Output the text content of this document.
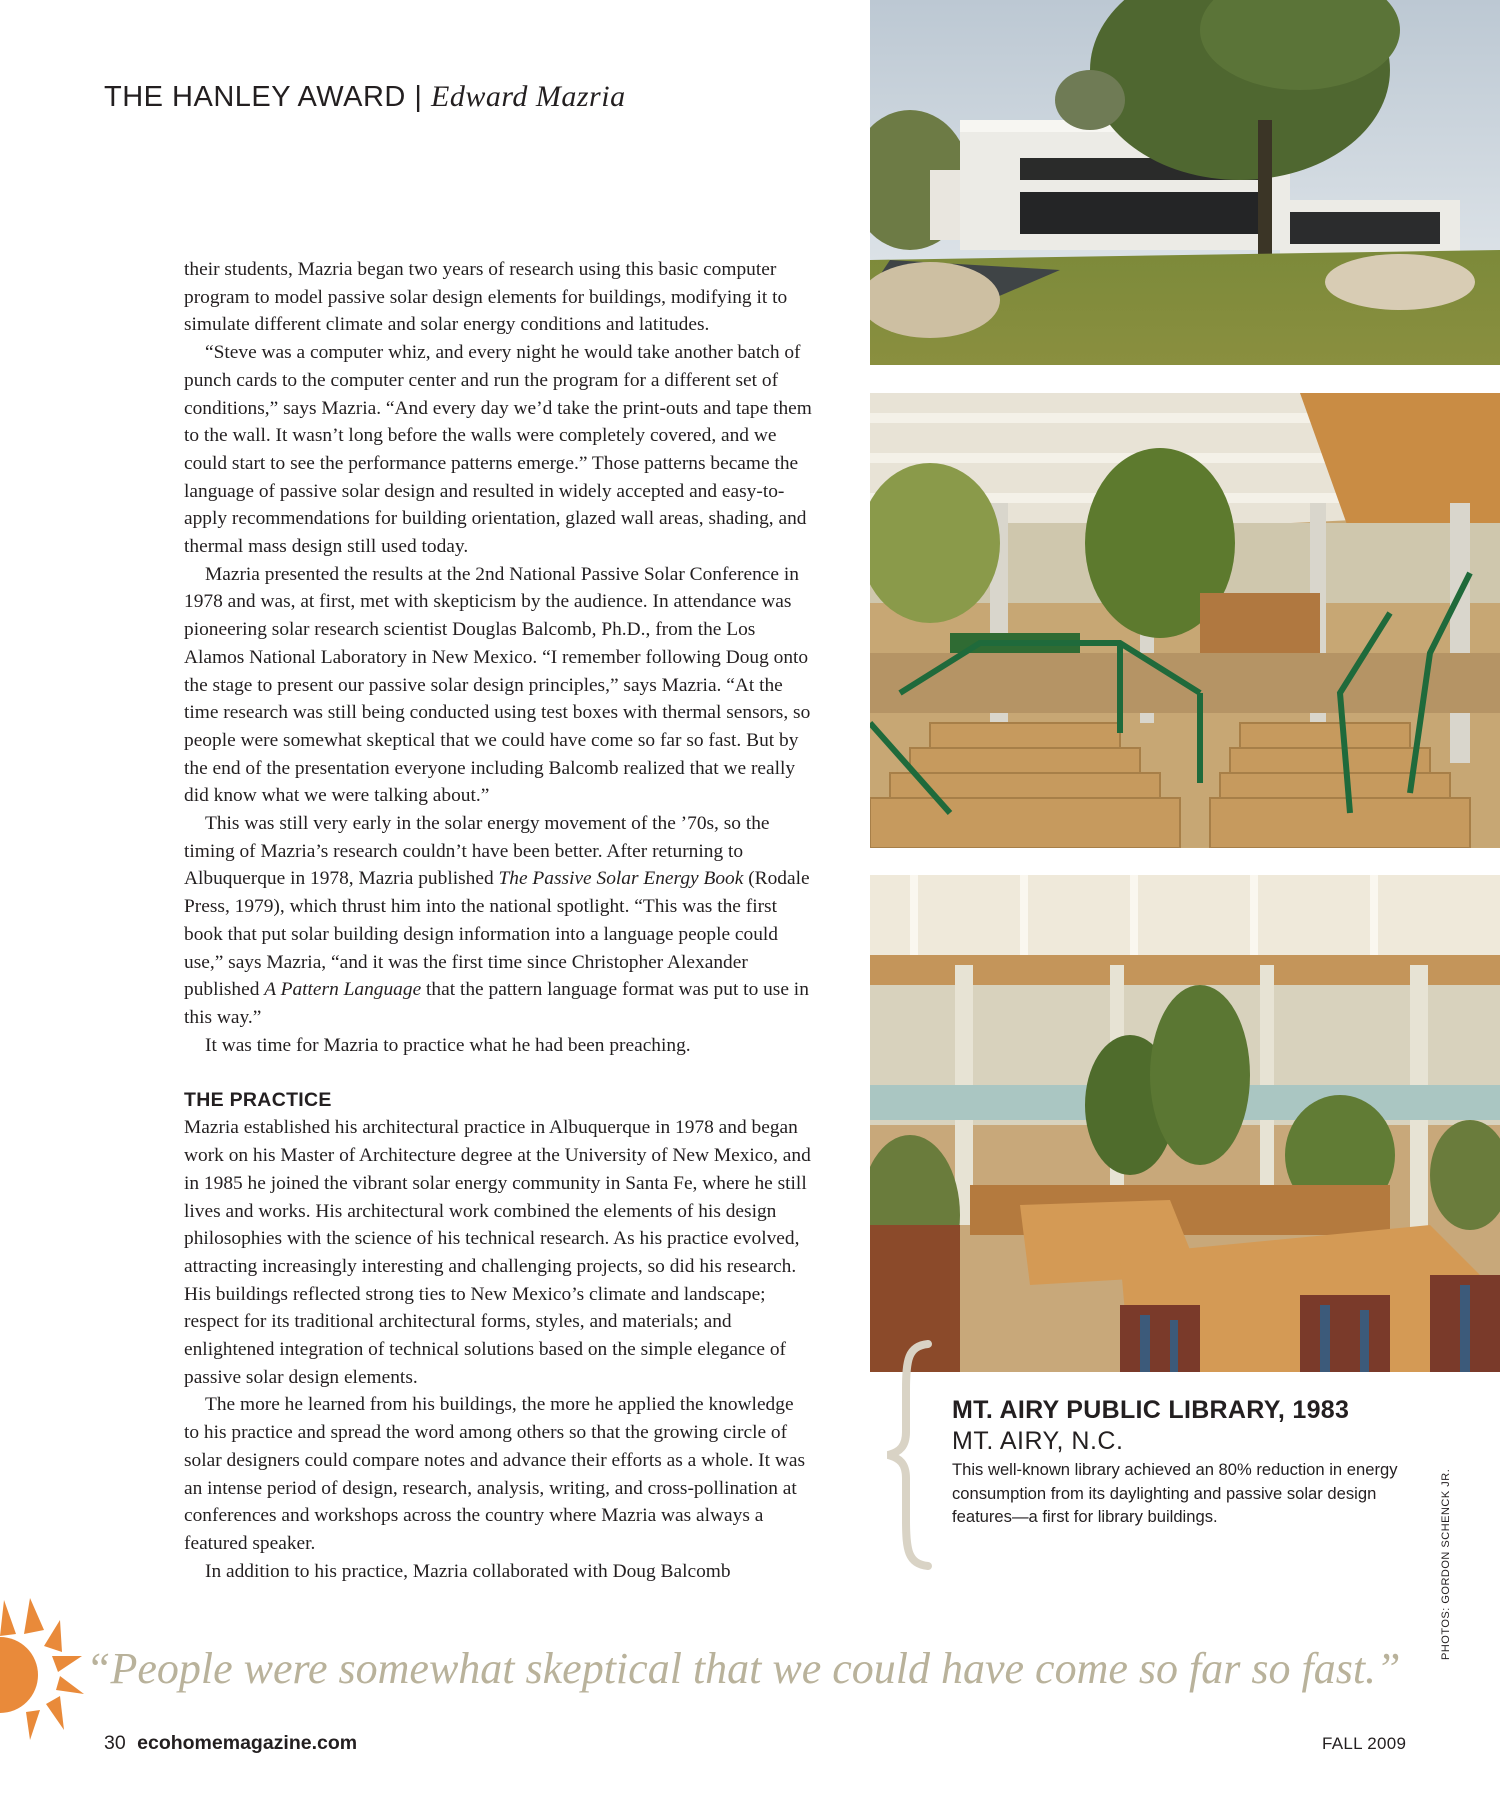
THE HANLEY AWARD | Edward Mazria

their students, Mazria began two years of research using this basic computer program to model passive solar design elements for buildings, modifying it to simulate different climate and solar energy conditions and latitudes.

“Steve was a computer whiz, and every night he would take another batch of punch cards to the computer center and run the program for a different set of conditions,” says Mazria. “And every day we’d take the print-outs and tape them to the wall. It wasn’t long before the walls were completely covered, and we could start to see the performance patterns emerge.” Those patterns became the language of passive solar design and resulted in widely accepted and easy-to-apply recommendations for building orientation, glazed wall areas, shading, and thermal mass design still used today.

Mazria presented the results at the 2nd National Passive Solar Conference in 1978 and was, at first, met with skepticism by the audience. In attendance was pioneering solar research scientist Douglas Balcomb, Ph.D., from the Los Alamos National Laboratory in New Mexico. “I remember following Doug onto the stage to present our passive solar design principles,” says Mazria. “At the time research was still being conducted using test boxes with thermal sensors, so people were somewhat skeptical that we could have come so far so fast. But by the end of the presentation everyone including Balcomb realized that we really did know what we were talking about.”

This was still very early in the solar energy movement of the ’70s, so the timing of Mazria’s research couldn’t have been better. After returning to Albuquerque in 1978, Mazria published The Passive Solar Energy Book (Rodale Press, 1979), which thrust him into the national spotlight. “This was the first book that put solar building design information into a language people could use,” says Mazria, “and it was the first time since Christopher Alexander published A Pattern Language that the pattern language format was put to use in this way.”

It was time for Mazria to practice what he had been preaching.

THE PRACTICE

Mazria established his architectural practice in Albuquerque in 1978 and began work on his Master of Architecture degree at the University of New Mexico, and in 1985 he joined the vibrant solar energy community in Santa Fe, where he still lives and works. His architectural work combined the elements of his design philosophies with the science of his technical research. As his practice evolved, attracting increasingly interesting and challenging projects, so did his research. His buildings reflected strong ties to New Mexico’s climate and landscape; respect for its traditional architectural forms, styles, and materials; and enlightened integration of technical solutions based on the simple elegance of passive solar design elements.

The more he learned from his buildings, the more he applied the knowledge to his practice and spread the word among others so that the growing circle of solar designers could compare notes and advance their efforts as a whole. It was an intense period of design, research, analysis, writing, and cross-pollination at conferences and workshops across the country where Mazria was always a featured speaker.

In addition to his practice, Mazria collaborated with Doug Balcomb

MT. AIRY PUBLIC LIBRARY, 1983
MT. AIRY, N.C.
This well-known library achieved an 80% reduction in energy consumption from its daylighting and passive solar design features—a first for library buildings.	PHOTOS: GORDON SCHENCK JR.
“People were somewhat skeptical that we could have come so far so fast.”
30 ecohomemagazine.com	FALL 2009
